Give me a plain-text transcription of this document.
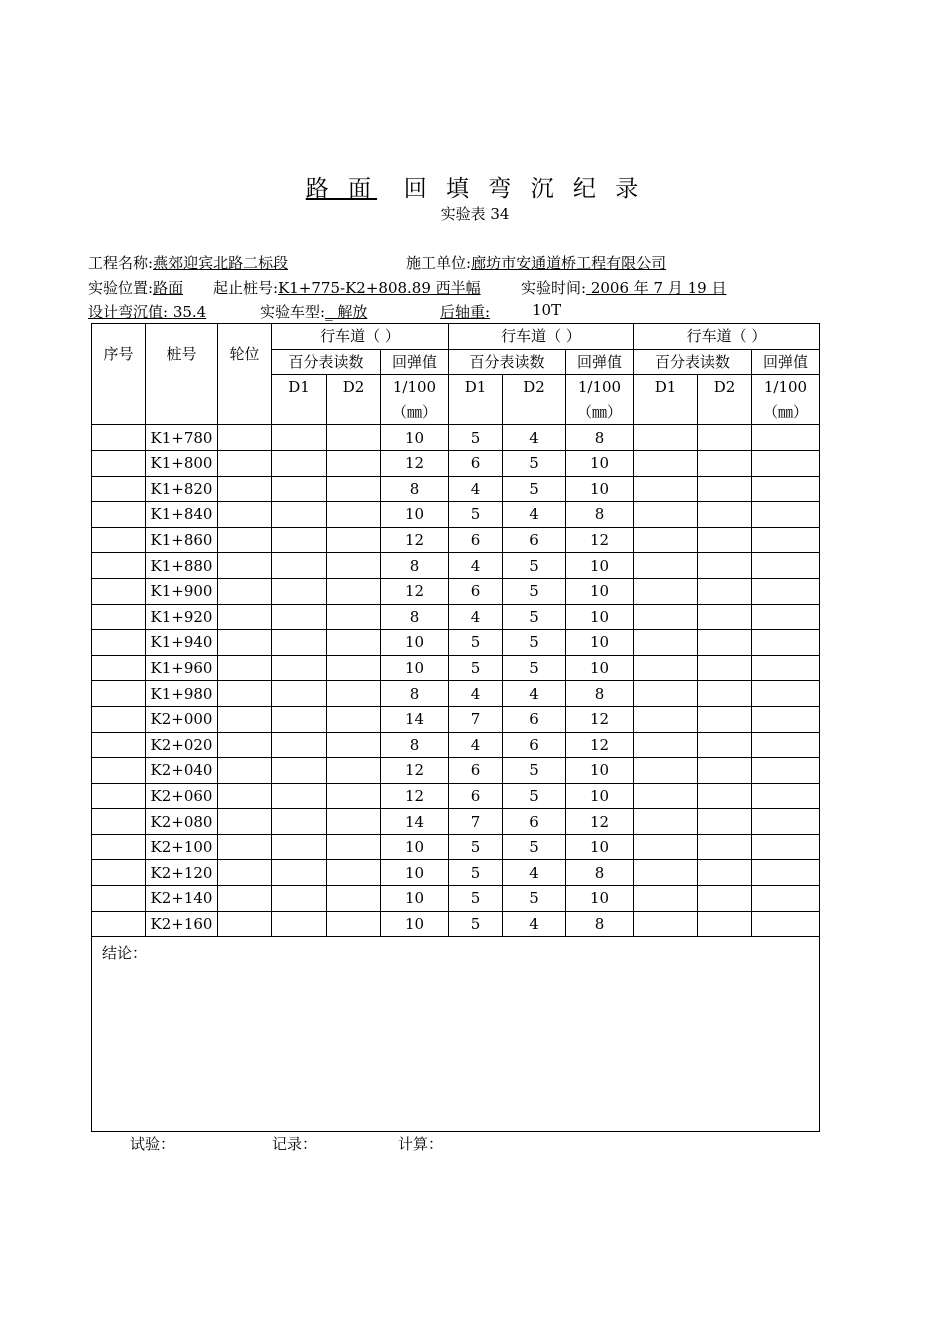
路 面 回 填 弯 沉 纪 录
实验表 34
工程名称:燕郊迎宾北路二标段	施工单位:廊坊市安通道桥工程有限公司
实验位置:路面 起止桩号:K1+775-K2+808.89 西半幅	实验时间: 2006 年 7 月 19 日
设计弯沉值: 35.4	实验车型:_ 解放	后轴重:	10T
序号	桩号	轮位	行车道（ ）			行车道（ ）			行车道（ ）		
			百分表读数		回弹值	百分表读数		回弹值	百分表读数		回弹值
			D1	D2	1/100	D1	D2	1/100	D1	D2	1/100
					（㎜）			（㎜）			（㎜）
	K1+780				10	5	4	8			
	K1+800				12	6	5	10			
	K1+820				8	4	5	10			
	K1+840				10	5	4	8			
	K1+860				12	6	6	12			
	K1+880				8	4	5	10			
	K1+900				12	6	5	10			
	K1+920				8	4	5	10			
	K1+940				10	5	5	10			
	K1+960				10	5	5	10			
	K1+980				8	4	4	8			
	K2+000				14	7	6	12			
	K2+020				8	4	6	12			
	K2+040				12	6	5	10			
	K2+060				12	6	5	10			
	K2+080				14	7	6	12			
	K2+100				10	5	5	10			
	K2+120				10	5	4	8			
	K2+140				10	5	5	10			
	K2+160				10	5	4	8			
结论：											
试验：	记录：	计算：
